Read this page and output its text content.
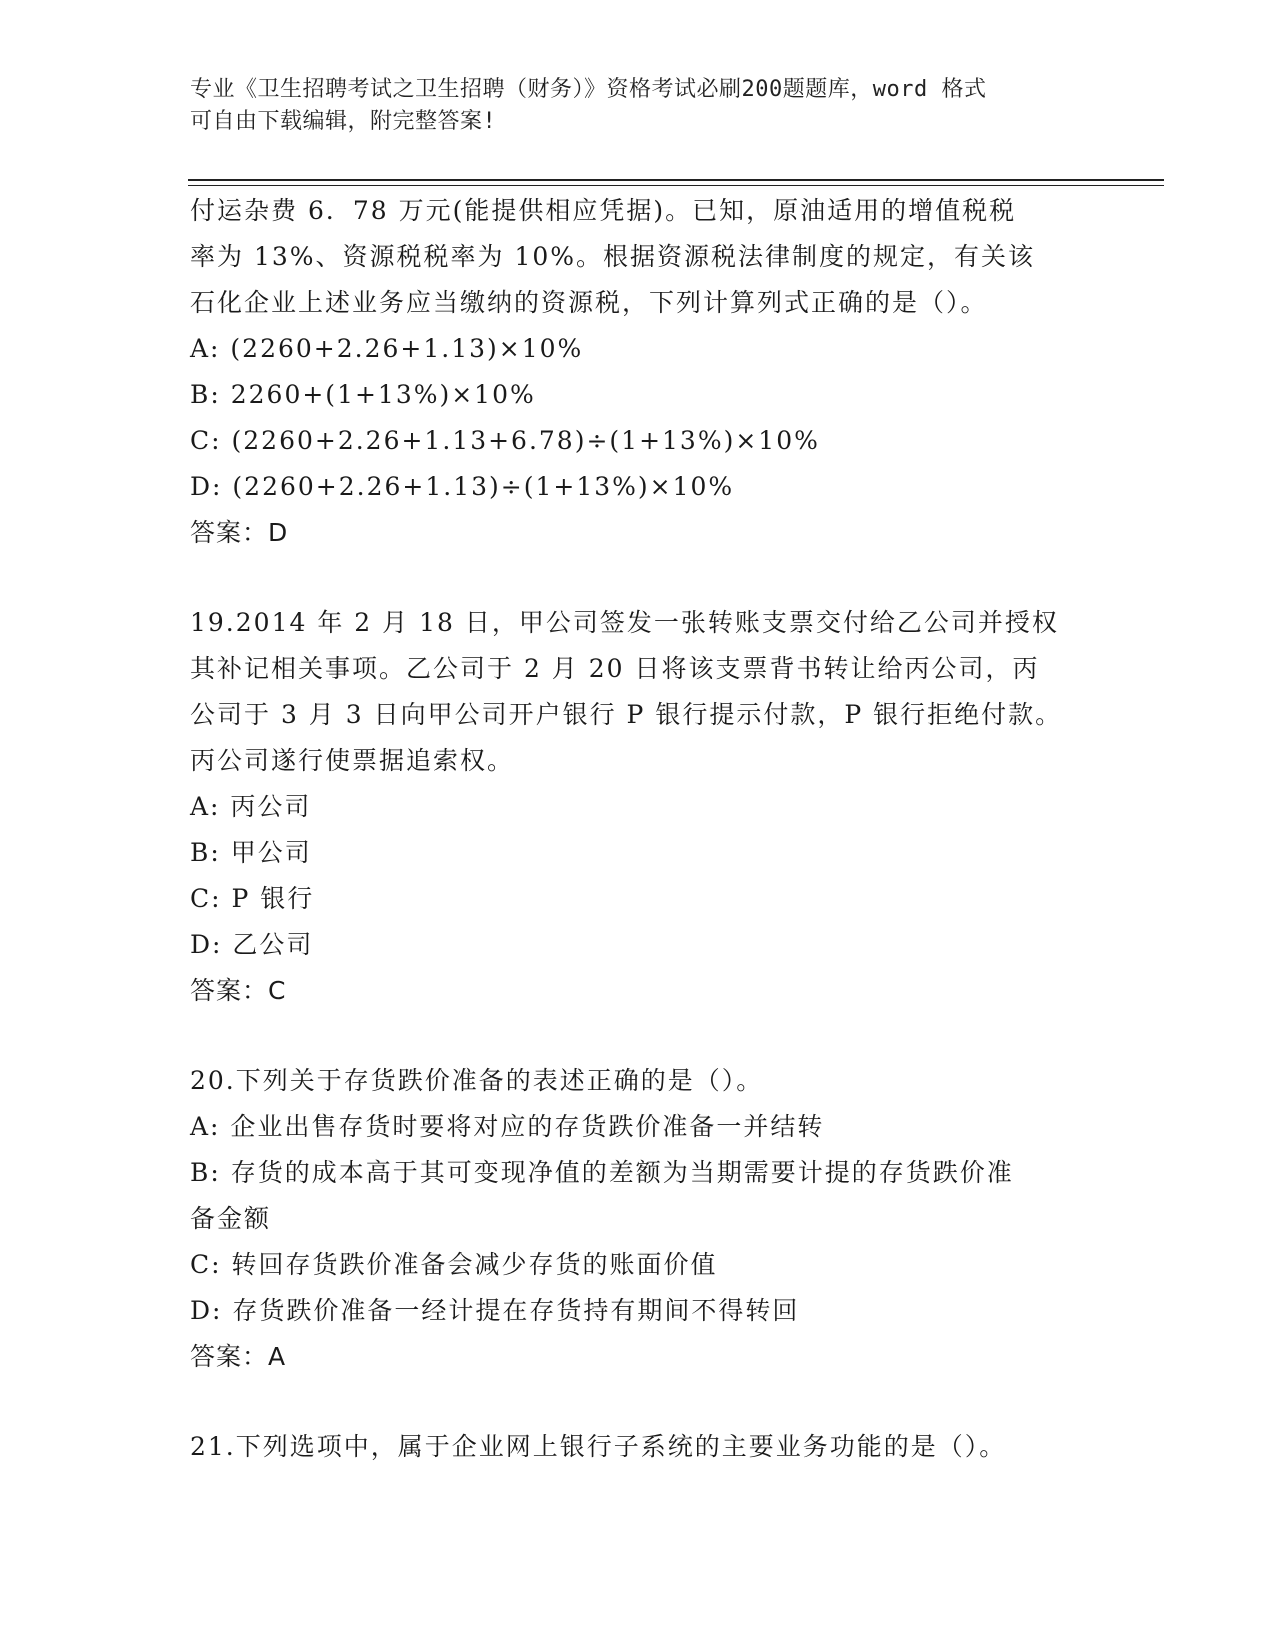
专业《卫生招聘考试之卫生招聘（财务）》资格考试必刷200题题库，word 格式
可自由下载编辑，附完整答案!
付运杂费 6．78 万元(能提供相应凭据)。已知，原油适用的增值税税
率为 13%、资源税税率为 10%。根据资源税法律制度的规定，有关该
石化企业上述业务应当缴纳的资源税，下列计算列式正确的是（）。
A: (2260+2.26+1.13)×10%
B: 2260+(1+13%)×10%
C: (2260+2.26+1.13+6.78)÷(1+13%)×10%
D: (2260+2.26+1.13)÷(1+13%)×10%
答案：D
19.2014 年 2 月 18 日，甲公司签发一张转账支票交付给乙公司并授权
其补记相关事项。乙公司于 2 月 20 日将该支票背书转让给丙公司，丙
公司于 3 月 3 日向甲公司开户银行 P 银行提示付款，P 银行拒绝付款。
丙公司遂行使票据追索权。
A: 丙公司
B: 甲公司
C: P 银行
D: 乙公司
答案：C
20.下列关于存货跌价准备的表述正确的是（）。
A: 企业出售存货时要将对应的存货跌价准备一并结转
B: 存货的成本高于其可变现净值的差额为当期需要计提的存货跌价准
备金额
C: 转回存货跌价准备会减少存货的账面价值
D: 存货跌价准备一经计提在存货持有期间不得转回
答案：A
21.下列选项中，属于企业网上银行子系统的主要业务功能的是（）。
